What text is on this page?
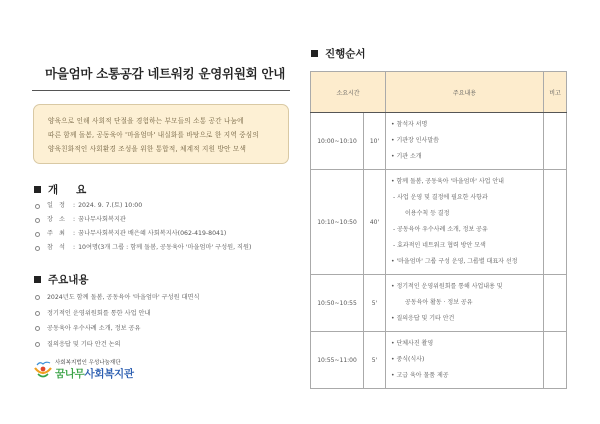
마을엄마 소통공감 네트워킹 운영위원회 안내
양육으로 인해 사회적 단절을 경험하는 부모들의 소통 공간 나눔에
따른 함께 돌봄, 공동육아 '마을엄마' 내실화를 바탕으로 한 지역 중심의
양육친화적인 사회환경 조성을 위한 통합적, 체계적 지원 방안 모색
개요
일정 : 2024. 9. 7.(토) 10:00
장소 : 꿈나무사회복지관
주최 : 꿈나무사회복지관 배은혜 사회복지사(062-419-8041)
참석 : 10여명(3개 그룹 : 함께 돌봄, 공동육아 '마을엄마' 구성원, 직원)
주요내용
2024년도 함께 돌봄, 공동육아 '마을엄마' 구성원 대면식
정기적인 운영위원회를 통한 사업 안내
공동육아 우수사례 소개, 정보 공유
질의응답 및 기타 안건 논의
사회복지법인 우성나눔재단
꿈나무사회복지관
진행순서
소요시간		주요내용	비고
10:00~10:10	10'	• 참석자 서명
• 기관장 인사말씀
• 기관 소개	

10:10~10:50	40'	
• 함께 돌봄, 공동육아 '마을엄마' 사업 안내
- 사업 운영 및 결정에 필요한 사항과
이용수칙 등 결정
- 공동육아 우수사례 소개, 정보 공유
- 효과적인 네트워크 협력 방안 모색
• '마을엄마' 그룹 구성 운영, 그룹별 대표자 선정

10:50~10:55	5'	• 정기적인 운영위원회를 통해 사업내용 및
공동육아 활동 · 정보 공유
• 질의응답 및 기타 안건	

10:55~11:00	5'	• 단체사진 촬영
• 중식(식사)
• 고급 육아 물품 제공	
